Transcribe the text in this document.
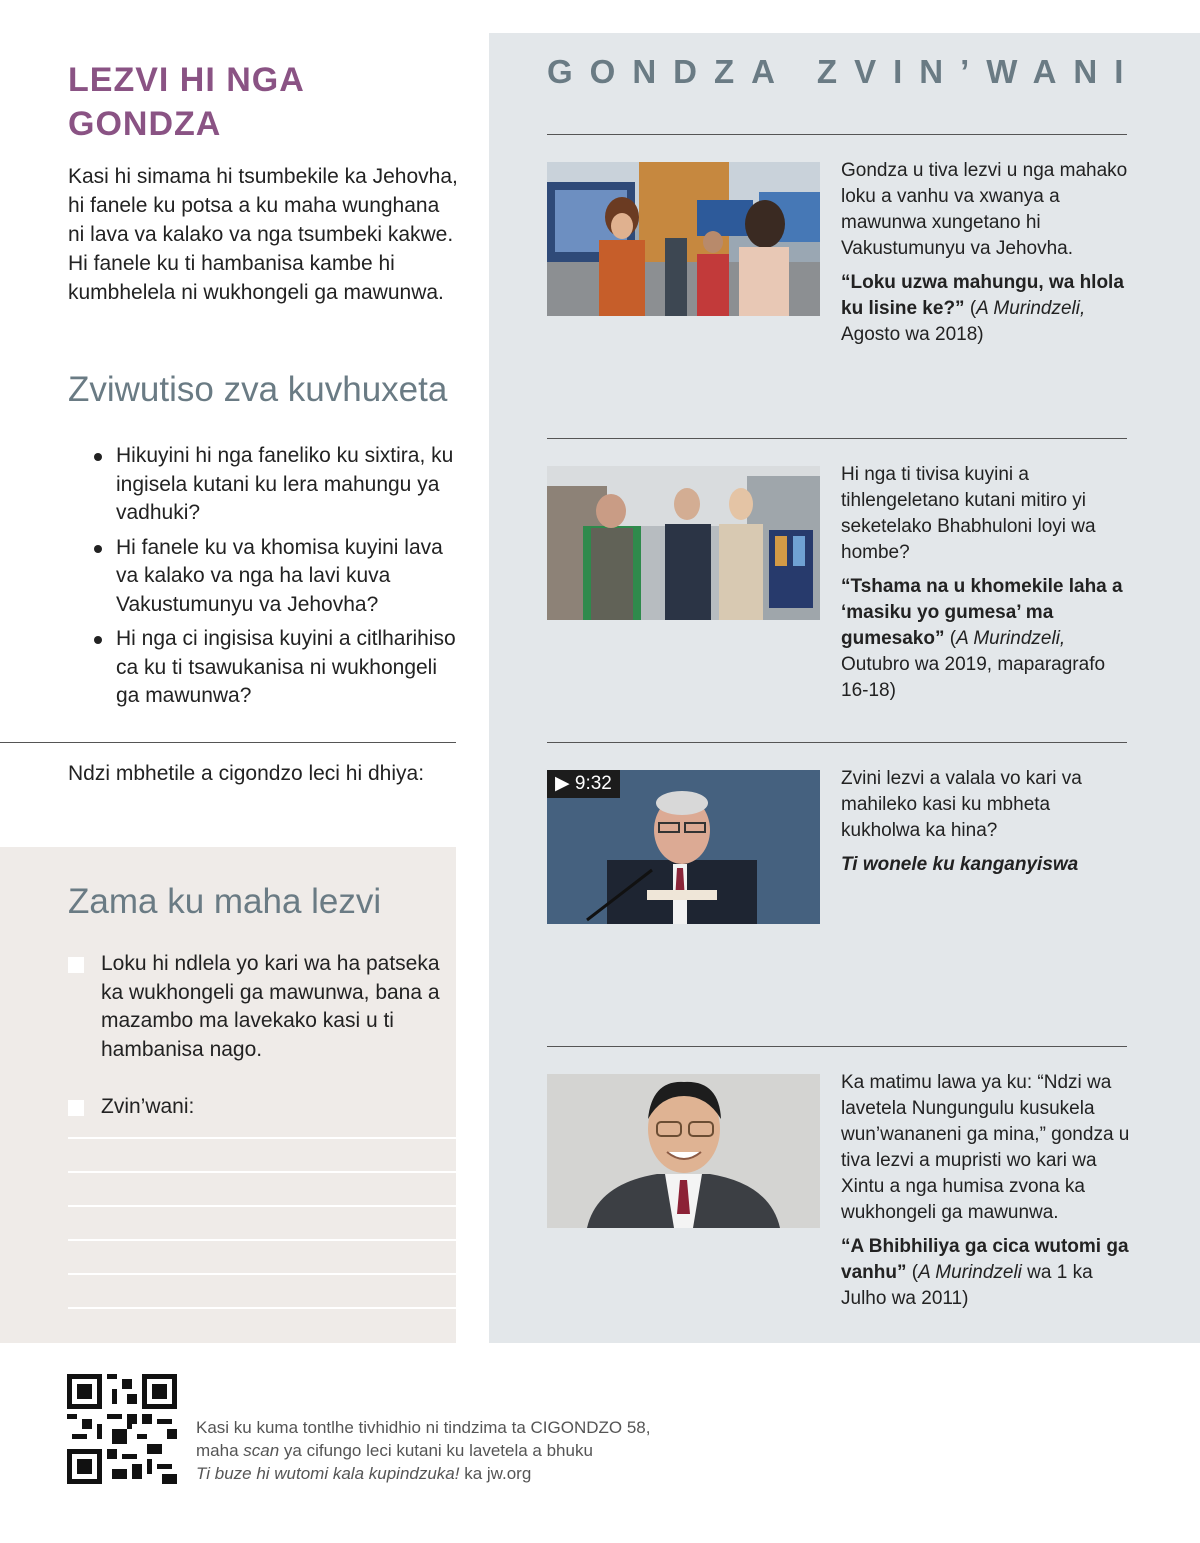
LEZVI HI NGA GONDZA

Kasi hi simama hi tsumbekile ka Jehovha, hi fanele ku potsa a ku maha wunghana ni lava va kalako va nga tsumbeki kakwe. Hi fanele ku ti hambanisa kambe hi kumbhelela ni wukhongeli ga mawunwa.

Zviwutiso zva kuvhuxeta
Hikuyini hi nga faneliko ku sixtira, ku ingisela kutani ku lera mahungu ya vadhuki?
Hi fanele ku va khomisa kuyini lava va kalako va nga ha lavi kuva Vakustumunyu va Jehovha?
Hi nga ci ingisisa kuyini a citlharihiso ca ku ti tsawukanisa ni wukhongeli ga mawunwa?

Ndzi mbhetile a cigondzo leci hi dhiya:

Zama ku maha lezvi
Loku hi ndlela yo kari wa ha patseka ka wukhongeli ga mawunwa, bana a mazambo ma lavekako kasi u ti hambanisa nago.
Zvin’wani:
GONDZA ZVIN’WANI

Gondza u tiva lezvi u nga mahako loku a vanhu va xwanya a mawunwa xungetano hi Vakustumunyu va Jehovha.

“Loku uzwa mahungu, wa hlola ku lisine ke?” (A Murindzeli, Agosto wa 2018)

Hi nga ti tivisa kuyini a tihlengeletano kutani mitiro yi seketelako Bhabhuloni loyi wa hombe?

“Tshama na u khomekile laha a ‘masiku yo gumesa’ ma gumesako” (A Murindzeli, Outubro wa 2019, maparagrafo 16-18)

▶ 9:32	Zvini lezvi a valala vo kari va mahileko kasi ku mbheta kukholwa ka hina?

Ti wonele ku kanganyiswa

Ka matimu lawa ya ku: “Ndzi wa lavetela Nungungulu kusukela wun’wananeni ga mina,” gondza u tiva lezvi a mupristi wo kari wa Xintu a nga humisa zvona ka wukhongeli ga mawunwa.

“A Bhibhiliya ga cica wutomi ga vanhu” (A Murindzeli wa 1 ka Julho wa 2011)

Kasi ku kuma tontlhe tivhidhio ni tindzima ta CIGONDZO 58,

maha scan ya cifungo leci kutani ku lavetela a bhuku

Ti buze hi wutomi kala kupindzuka! ka jw.org
